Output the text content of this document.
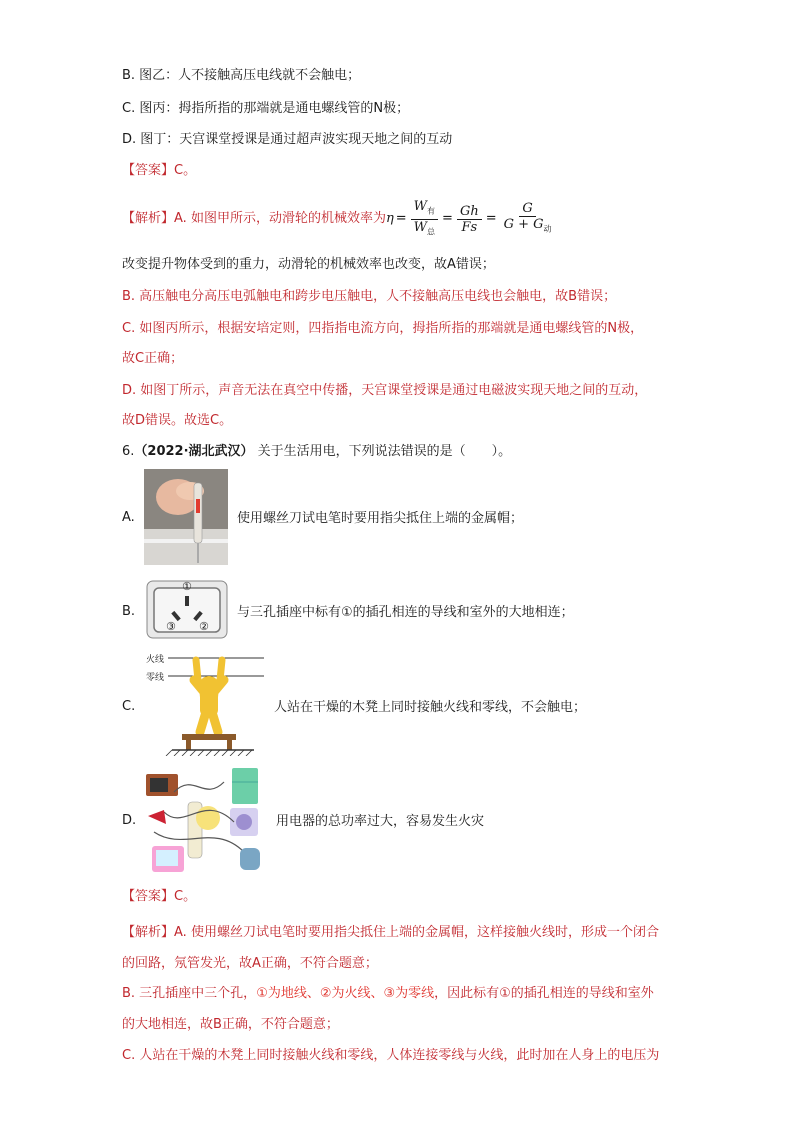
B. 图乙：人不接触高压电线就不会触电；
C. 图丙：拇指所指的那端就是通电螺线管的N极；
D. 图丁：天宫课堂授课是通过超声波实现天地之间的互动
【答案】C。
【解析】 A. 如图甲所示，动滑轮的机械效率为 $\eta = \frac{W_有}{W_总} = \frac{Gh}{Fs} = \frac{G}{G + G_动}$
改变提升物体受到的重力，动滑轮的机械效率也改变，故A错误；
B. 高压触电分高压电弧触电和跨步电压触电，人不接触高压电线也会触电，故B错误；
C. 如图丙所示，根据安培定则，四指指电流方向，拇指所指的那端就是通电螺线管的N极，
故C正确；
D. 如图丁所示，声音无法在真空中传播，天宫课堂授课是通过电磁波实现天地之间的互动，
故D错误。故选C。
6.（2022·湖北武汉） 关于生活用电，下列说法错误的是（　　）。
A.	使用螺丝刀试电笔时要用指尖抵住上端的金属帽；
B.
①
③ ②
与三孔插座中标有①的插孔相连的导线和室外的大地相连；
C.
火线
零线
人站在干燥的木凳上同时接触火线和零线，不会触电；
D.	用电器的总功率过大，容易发生火灾
【答案】C。
【解析】A. 使用螺丝刀试电笔时要用指尖抵住上端的金属帽，这样接触火线时，形成一个闭合
的回路，氖管发光，故A正确，不符合题意；
B. 三孔插座中三个孔，①为地线、②为火线、③为零线，因此标有①的插孔相连的导线和室外
的大地相连，故B正确，不符合题意；
C. 人站在干燥的木凳上同时接触火线和零线，人体连接零线与火线，此时加在人身上的电压为
